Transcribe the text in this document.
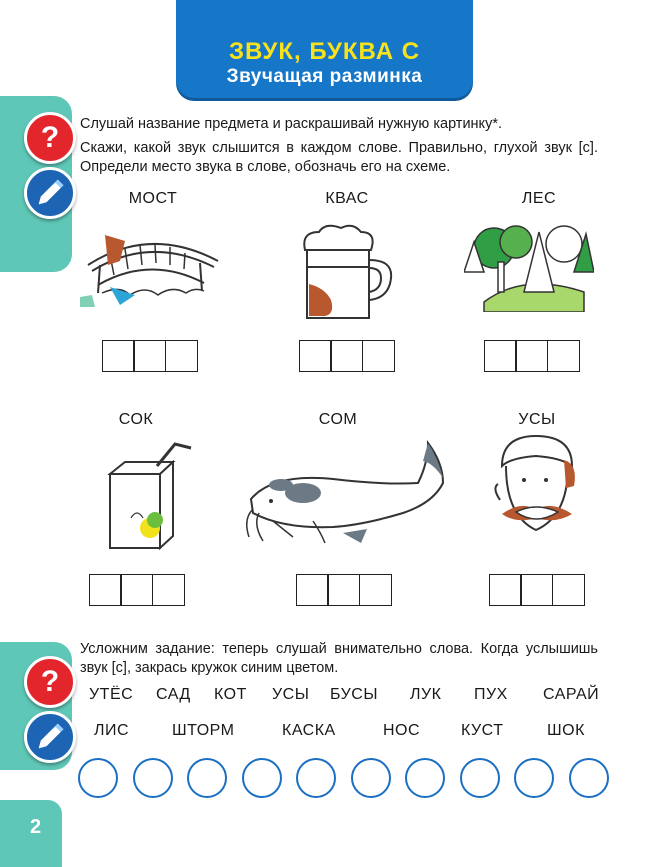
ЗВУК, БУКВА С
Звучащая разминка
2
?
?
Слушай название предмета и раскрашивай нужную картинку*.
Скажи, какой звук слышится в каждом слове. Правильно, глухой звук [с]. Определи место звука в слове, обозначь его на схеме.
МОСТ	КВАС	ЛЕС
СОК	СОМ	УСЫ
Усложним задание: теперь слушай внимательно слова. Когда услышишь звук [с], закрась кружок синим цветом.
УТЁС САД КОТ УСЫ БУСЫ ЛУК ПУХ САРАЙ
ЛИС	ШТОРМ	КАСКА	НОС	КУСТ	ШОК
